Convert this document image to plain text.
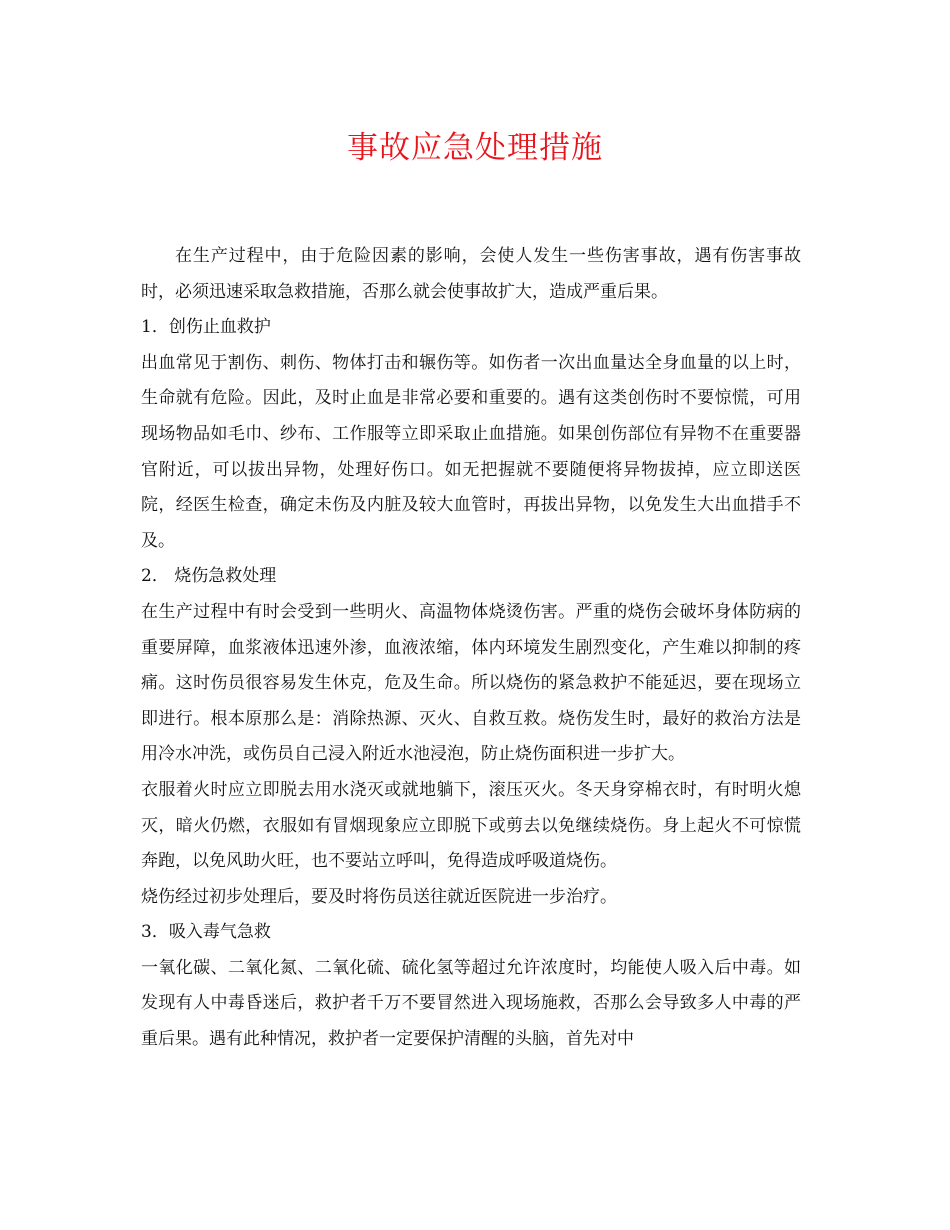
事故应急处理措施

在生产过程中，由于危险因素的影响，会使人发生一些伤害事故，遇有伤害事故时，必须迅速采取急救措施，否那么就会使事故扩大，造成严重后果。

1．创伤止血救护

出血常见于割伤、刺伤、物体打击和辗伤等。如伤者一次出血量达全身血量的以上时，生命就有危险。因此，及时止血是非常必要和重要的。遇有这类创伤时不要惊慌，可用现场物品如毛巾、纱布、工作服等立即采取止血措施。如果创伤部位有异物不在重要器官附近，可以拔出异物，处理好伤口。如无把握就不要随便将异物拔掉，应立即送医院，经医生检查，确定未伤及内脏及较大血管时，再拔出异物，以免发生大出血措手不及。

2． 烧伤急救处理

在生产过程中有时会受到一些明火、高温物体烧烫伤害。严重的烧伤会破坏身体防病的重要屏障，血浆液体迅速外渗，血液浓缩，体内环境发生剧烈变化，产生难以抑制的疼痛。这时伤员很容易发生休克，危及生命。所以烧伤的紧急救护不能延迟，要在现场立即进行。根本原那么是：消除热源、灭火、自救互救。烧伤发生时，最好的救治方法是用冷水冲洗，或伤员自己浸入附近水池浸泡，防止烧伤面积进一步扩大。

衣服着火时应立即脱去用水浇灭或就地躺下，滚压灭火。冬天身穿棉衣时，有时明火熄灭，暗火仍燃，衣服如有冒烟现象应立即脱下或剪去以免继续烧伤。身上起火不可惊慌奔跑，以免风助火旺，也不要站立呼叫，免得造成呼吸道烧伤。

烧伤经过初步处理后，要及时将伤员送往就近医院进一步治疗。

3．吸入毒气急救

一氧化碳、二氧化氮、二氧化硫、硫化氢等超过允许浓度时，均能使人吸入后中毒。如发现有人中毒昏迷后，救护者千万不要冒然进入现场施救，否那么会导致多人中毒的严重后果。遇有此种情况，救护者一定要保护清醒的头脑，首先对中
